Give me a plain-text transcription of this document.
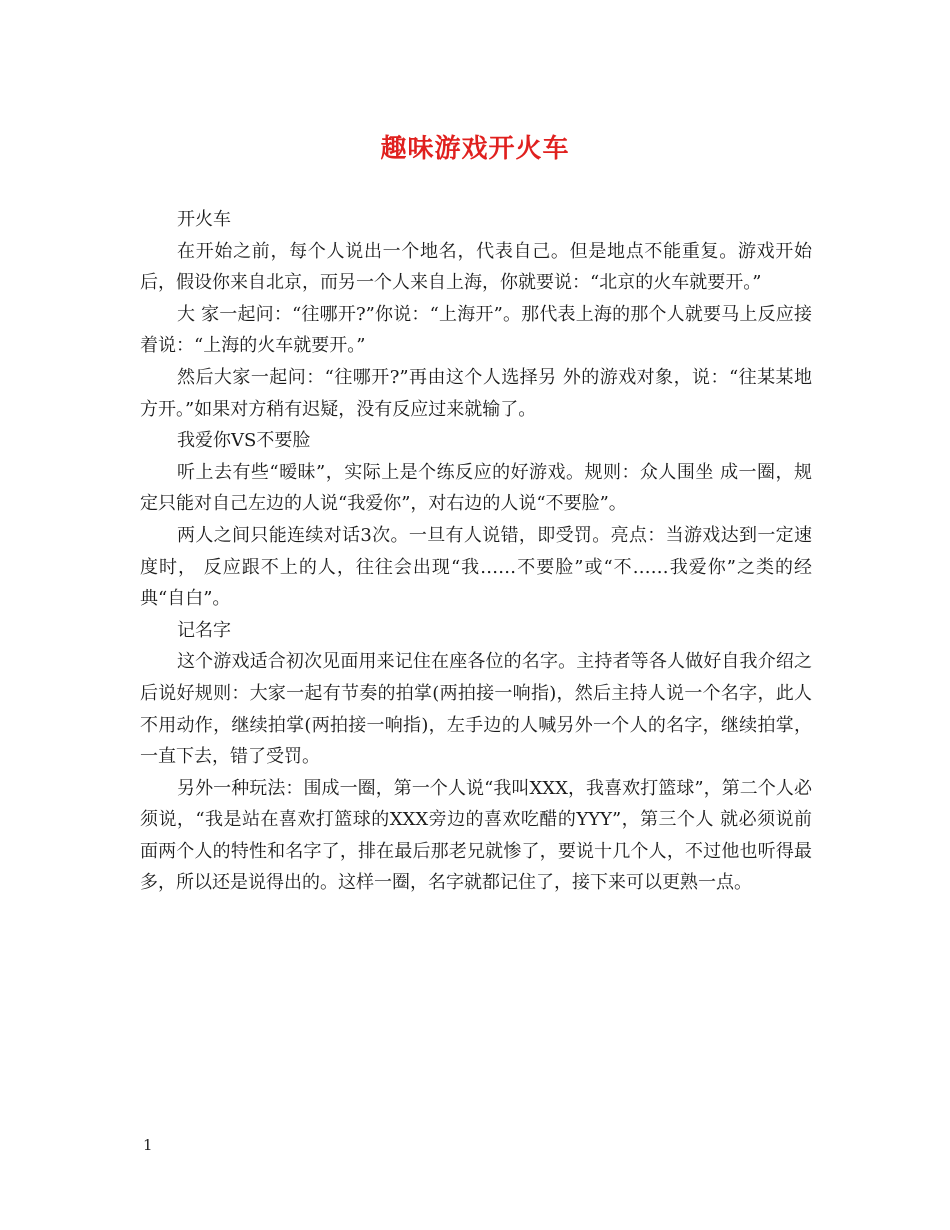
趣味游戏开火车

开火车

在开始之前，每个人说出一个地名，代表自己。但是地点不能重复。游戏开始后，假设你来自北京，而另一个人来自上海，你就要说：“北京的火车就要开。”

大 家一起问：“往哪开?”你说：“上海开”。那代表上海的那个人就要马上反应接着说：“上海的火车就要开。”

然后大家一起问：“往哪开?”再由这个人选择另 外的游戏对象，说：“往某某地方开。”如果对方稍有迟疑，没有反应过来就输了。

我爱你VS不要脸

听上去有些“暧昧”，实际上是个练反应的好游戏。规则：众人围坐 成一圈，规定只能对自己左边的人说“我爱你”，对右边的人说“不要脸”。

两人之间只能连续对话3次。一旦有人说错，即受罚。亮点：当游戏达到一定速度时， 反应跟不上的人，往往会出现“我……不要脸”或“不……我爱你”之类的经典“自白”。

记名字

这个游戏适合初次见面用来记住在座各位的名字。主持者等各人做好自我介绍之后说好规则：大家一起有节奏的拍掌(两拍接一响指)，然后主持人说一个名字，此人不用动作，继续拍掌(两拍接一响指)，左手边的人喊另外一个人的名字，继续拍掌，一直下去，错了受罚。

另外一种玩法：围成一圈，第一个人说“我叫XXX，我喜欢打篮球”，第二个人必须说，“我是站在喜欢打篮球的XXX旁边的喜欢吃醋的YYY”，第三个人 就必须说前面两个人的特性和名字了，排在最后那老兄就惨了，要说十几个人，不过他也听得最多，所以还是说得出的。这样一圈，名字就都记住了，接下来可以更熟一点。

1
